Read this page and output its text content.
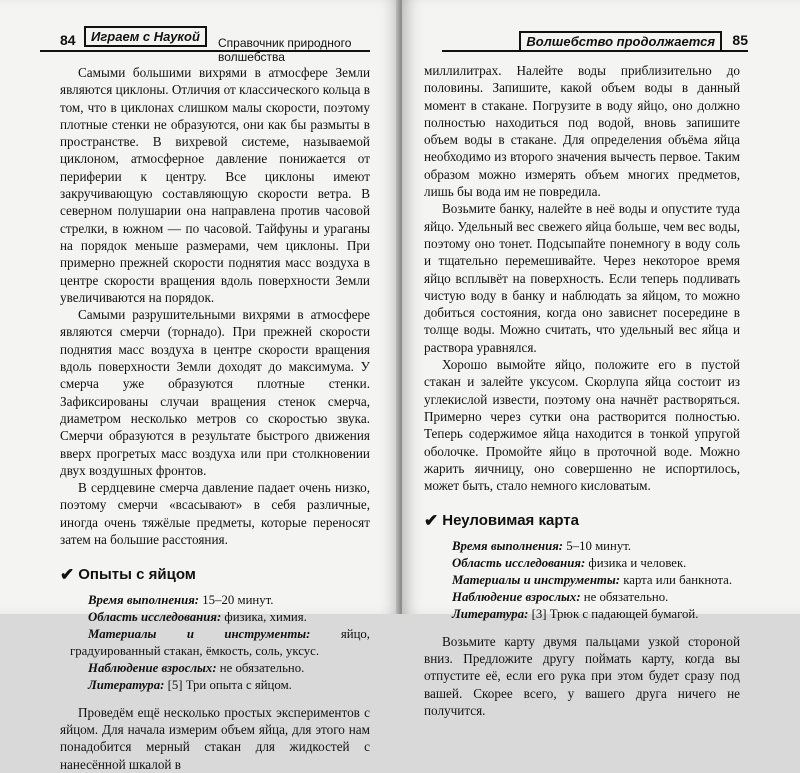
84	Играем с Наукой	Справочник природного волшебства

Самыми большими вихрями в атмосфере Земли являются циклоны. Отличия от классического кольца в том, что в циклонах слишком малы скорости, поэтому плотные стенки не образуются, они как бы размыты в пространстве. В вихревой системе, называемой циклоном, атмосферное давление понижается от периферии к центру. Все циклоны имеют закручивающую составляющую скорости ветра. В северном полушарии она направлена против часовой стрелки, в южном — по часовой. Тайфуны и ураганы на порядок меньше размерами, чем циклоны. При примерно прежней скорости поднятия масс воздуха в центре скорости вращения вдоль поверхности Земли увеличиваются на порядок.

Самыми разрушительными вихрями в атмосфере являются смерчи (торнадо). При прежней скорости поднятия масс воздуха в центре скорости вращения вдоль поверхности Земли доходят до максимума. У смерча уже образуются плотные стенки. Зафиксированы случаи вращения стенок смерча, диаметром несколько метров со скоростью звука. Смерчи образуются в результате быстрого движения вверх прогретых масс воздуха или при столкновении двух воздушных фронтов.

В сердцевине смерча давление падает очень низко, поэтому смерчи «всасывают» в себя различные, иногда очень тяжёлые предметы, которые переносят затем на большие расстояния.

✔ Опыты с яйцом

Время выполнения: 15–20 минут.

Область исследования: физика, химия.

Материалы и инструменты: яйцо, градуированный стакан, ёмкость, соль, уксус.

Наблюдение взрослых: не обязательно.

Литература: [5] Три опыта с яйцом.

Проведём ещё несколько простых экспериментов с яйцом. Для начала измерим объем яйца, для этого нам понадобится мерный стакан для жидкостей с нанесённой шкалой в

Волшебство продолжается	85

миллилитрах. Налейте воды приблизительно до половины. Запишите, какой объем воды в данный момент в стакане. Погрузите в воду яйцо, оно должно полностью находиться под водой, вновь запишите объем воды в стакане. Для определения объёма яйца необходимо из второго значения вычесть первое. Таким образом можно измерять объем многих предметов, лишь бы вода им не повредила.

Возьмите банку, налейте в неё воды и опустите туда яйцо. Удельный вес свежего яйца больше, чем вес воды, поэтому оно тонет. Подсыпайте понемногу в воду соль и тщательно перемешивайте. Через некоторое время яйцо всплывёт на поверхность. Если теперь подливать чистую воду в банку и наблюдать за яйцом, то можно добиться состояния, когда оно зависнет посередине в толще воды. Можно считать, что удельный вес яйца и раствора уравнялся.

Хорошо вымойте яйцо, положите его в пустой стакан и залейте уксусом. Скорлупа яйца состоит из углекислой извести, поэтому она начнёт растворяться. Примерно через сутки она растворится полностью. Теперь содержимое яйца находится в тонкой упругой оболочке. Промойте яйцо в проточной воде. Можно жарить яичницу, оно совершенно не испортилось, может быть, стало немного кисловатым.

✔ Неуловимая карта

Время выполнения: 5–10 минут.

Область исследования: физика и человек.

Материалы и инструменты: карта или банкнота.

Наблюдение взрослых: не обязательно.

Литература: [3] Трюк с падающей бумагой.

Возьмите карту двумя пальцами узкой стороной вниз. Предложите другу поймать карту, когда вы отпустите её, если его рука при этом будет сразу под вашей. Скорее всего, у вашего друга ничего не получится.
